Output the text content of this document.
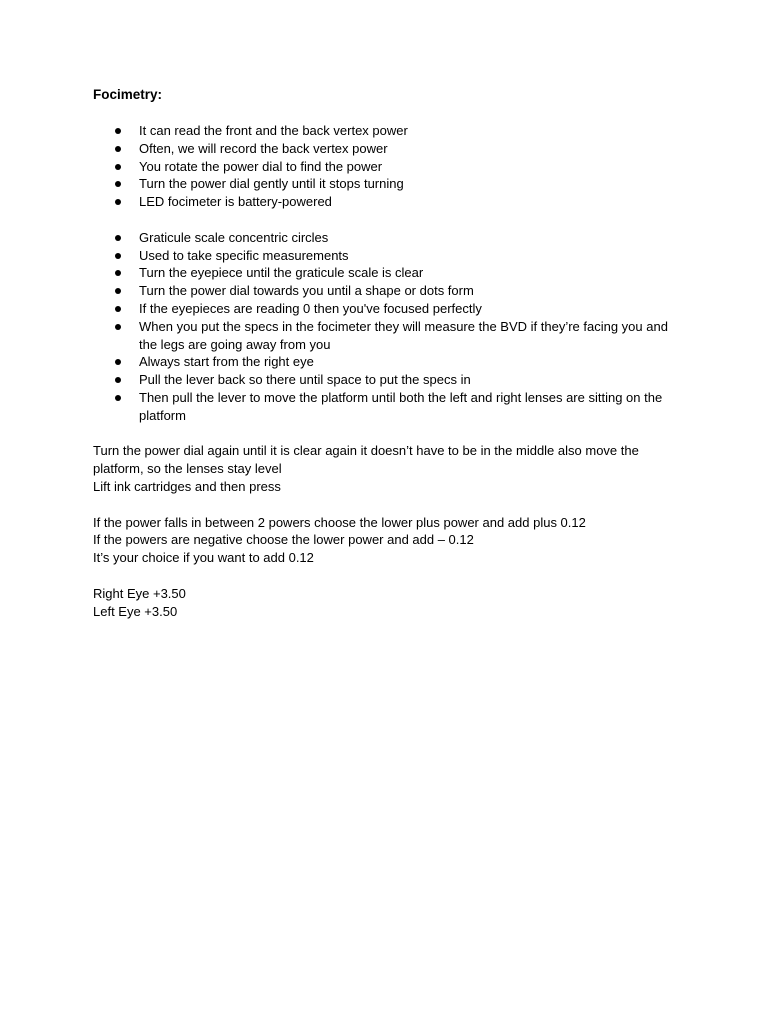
Focimetry:
It can read the front and the back vertex power
Often, we will record the back vertex power
You rotate the power dial to find the power
Turn the power dial gently until it stops turning
LED focimeter is battery-powered
Graticule scale concentric circles
Used to take specific measurements
Turn the eyepiece until the graticule scale is clear
Turn the power dial towards you until a shape or dots form
If the eyepieces are reading 0 then you've focused perfectly
When you put the specs in the focimeter they will measure the BVD if they’re facing you and the legs are going away from you
Always start from the right eye
Pull the lever back so there until space to put the specs in
Then pull the lever to move the platform until both the left and right lenses are sitting on the platform

Turn the power dial again until it is clear again it doesn’t have to be in the middle also move the platform, so the lenses stay level

Lift ink cartridges and then press

If the power falls in between 2 powers choose the lower plus power and add plus 0.12

If the powers are negative choose the lower power and add – 0.12

It’s your choice if you want to add 0.12

Right Eye +3.50

Left Eye +3.50
